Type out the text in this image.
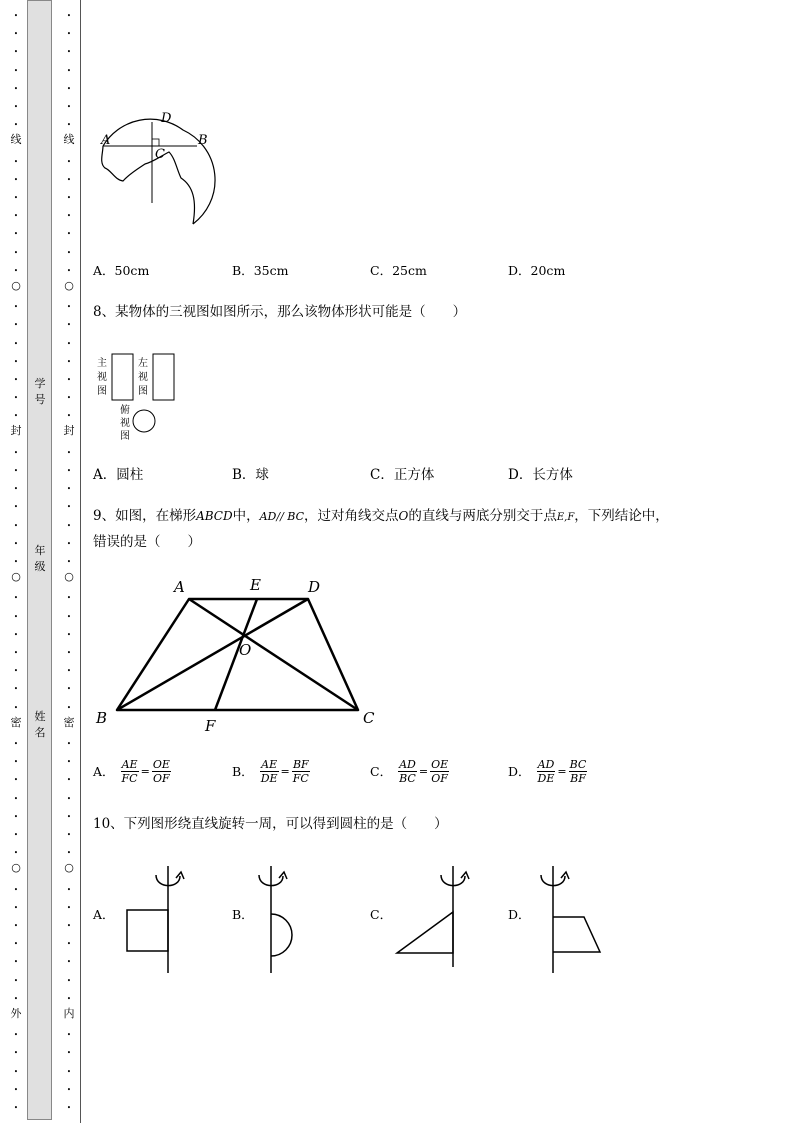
•
•
•
•
•
•
•
•
•
•
•
•
•
•
•
•
•
•
•
•
•
•
•
•
•
•
•
•
•
•
•
•
•
•
•
•
•
•
•
•
•
•
•
•
•
•
•
•
•
•
•
•
•
•
线
○
封
○
密
○
外
•
•
•
•
•
•
•
•
•
•
•
•
•
•
•
•
•
•
•
•
•
•
•
•
•
•
•
•
•
•
•
•
•
•
•
•
•
•
•
•
•
•
•
•
•
•
•
•
•
•
•
•
•
•
线
○
封
○
密
○
内
学号
年级
姓名
A
D
B
C
A．50cm	B．35cm	C．25cm	D．20cm
8、某物体的三视图如图所示，那么该物体形状可能是（　　）
主
视
图
左
视
图
俯
视
图
A．圆柱	B．球	C．正方体	D．长方体
9、如图，在梯形ABCD中，AD// BC，过对角线交点O的直线与两底分别交于点E,F，下列结论中，
错误的是（　　）
A	E	D
O
B	F	C
A． $\frac{AE}{FC} = \frac{OE}{OF}$	B． $\frac{AE}{DE} = \frac{BF}{FC}$	C． $\frac{AD}{BC} = \frac{OE}{OF}$	D． $\frac{AD}{DE} = \frac{BC}{BF}$
10、下列图形绕直线旋转一周，可以得到圆柱的是（　　）
A．	B．	C．	D．
